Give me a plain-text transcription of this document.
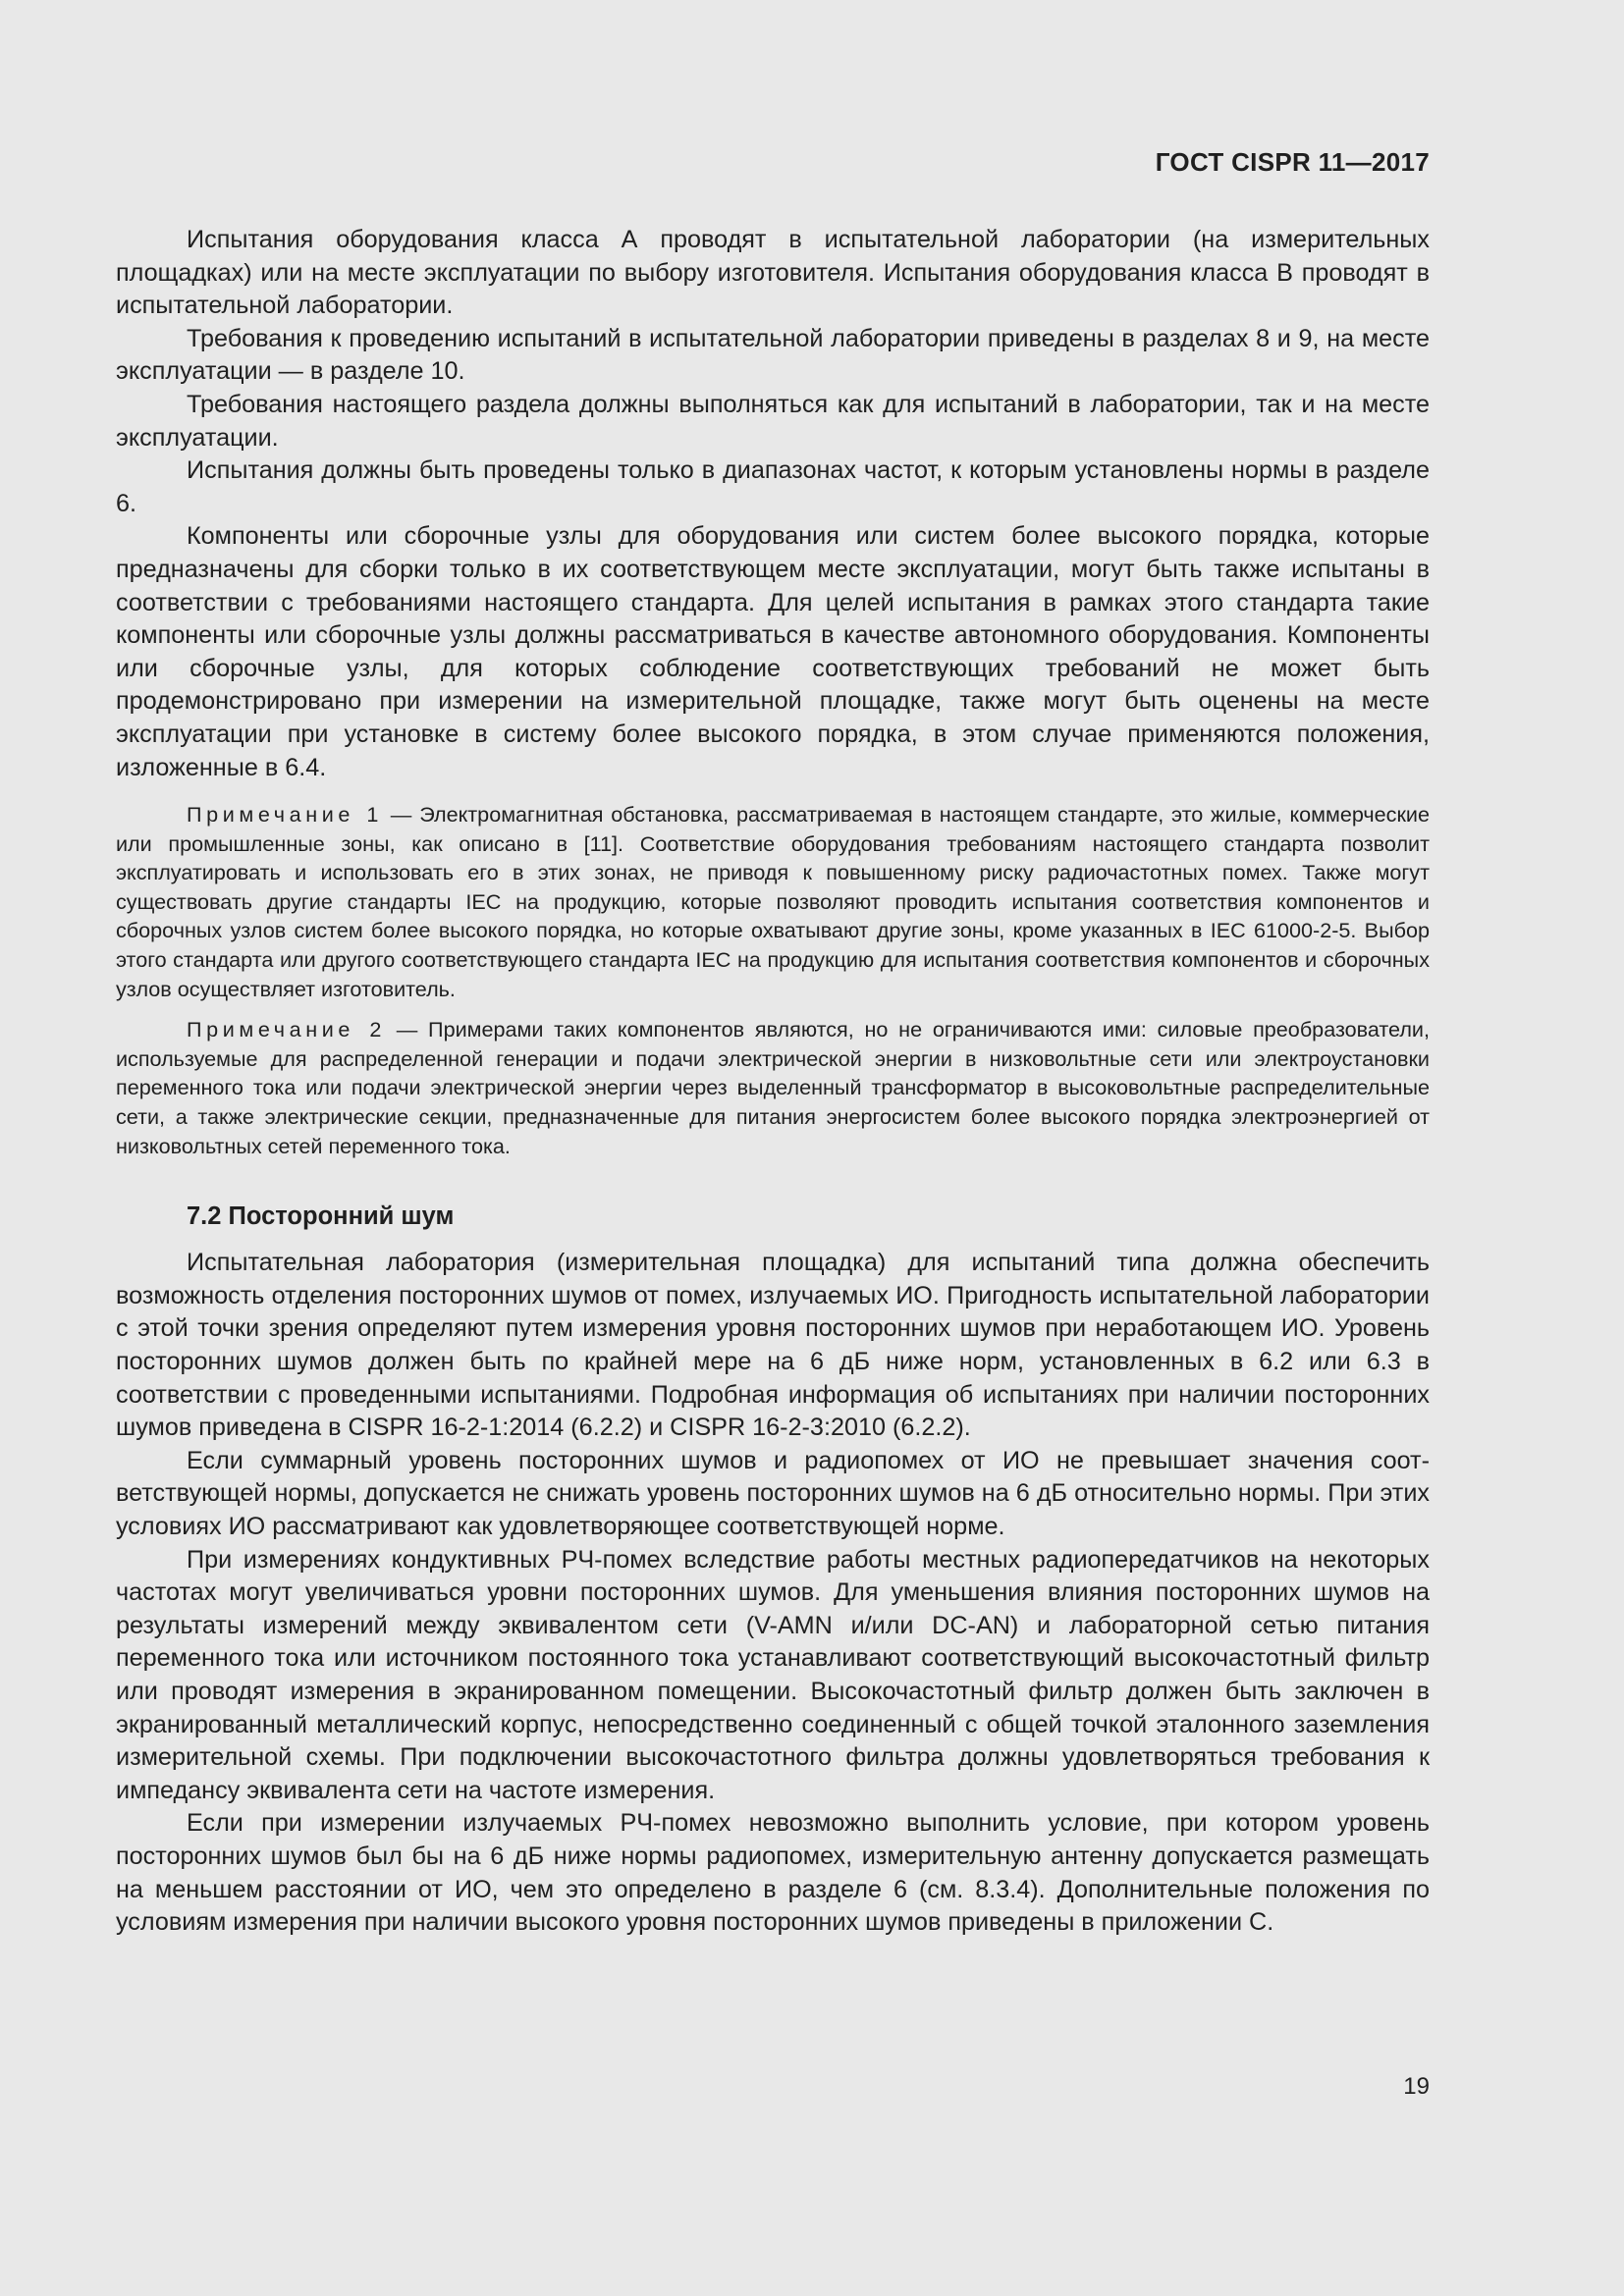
ГОСТ CISPR 11—2017

Испытания оборудования класса А проводят в испытательной лаборатории (на измерительных площадках) или на месте эксплуатации по выбору изготовителя. Испытания оборудования класса В проводят в испытательной лаборатории.

Требования к проведению испытаний в испытательной лаборатории приведены в разделах 8 и 9, на месте эксплуатации — в разделе 10.

Требования настоящего раздела должны выполняться как для испытаний в лаборатории, так и на месте эксплуатации.

Испытания должны быть проведены только в диапазонах частот, к которым установлены нормы в разделе 6.

Компоненты или сборочные узлы для оборудования или систем более высокого порядка, которые предназначены для сборки только в их соответствующем месте эксплуатации, могут быть также испытаны в соответствии с требованиями настоящего стандарта. Для целей испытания в рамках этого стандарта такие компоненты или сборочные узлы должны рассматриваться в качестве автономного оборудования. Компоненты или сборочные узлы, для которых соблюдение соответствующих требований не может быть продемонстрировано при измерении на измерительной площадке, также могут быть оценены на месте эксплуатации при установке в систему более высокого порядка, в этом случае применяются положения, изложенные в 6.4.

Примечание 1 — Электромагнитная обстановка, рассматриваемая в настоящем стандарте, это жилые, коммерческие или промышленные зоны, как описано в [11]. Соответствие оборудования требованиям настоящего стандарта позволит эксплуатировать и использовать его в этих зонах, не приводя к повышенному риску радиочастотных помех. Также могут существовать другие стандарты IEC на продукцию, которые позволяют проводить испытания соответствия компонентов и сборочных узлов систем более высокого порядка, но которые охватывают другие зоны, кроме указанных в IEC 61000-2-5. Выбор этого стандарта или другого соответствующего стандарта IEC на продукцию для испытания соответствия компонентов и сборочных узлов осуществляет изготовитель.

Примечание 2 — Примерами таких компонентов являются, но не ограничиваются ими: силовые преобразователи, используемые для распределенной генерации и подачи электрической энергии в низковольтные сети или электроустановки переменного тока или подачи электрической энергии через выделенный трансформатор в высоковольтные распределительные сети, а также электрические секции, предназначенные для питания энергосистем более высокого порядка электроэнергией от низковольтных сетей переменного тока.

7.2 Посторонний шум

Испытательная лаборатория (измерительная площадка) для испытаний типа должна обеспечить возможность отделения посторонних шумов от помех, излучаемых ИО. Пригодность испытательной лаборатории с этой точки зрения определяют путем измерения уровня посторонних шумов при неработающем ИО. Уровень посторонних шумов должен быть по крайней мере на 6 дБ ниже норм, установленных в 6.2 или 6.3 в соответствии с проведенными испытаниями. Подробная информация об испытаниях при наличии посторонних шумов приведена в CISPR 16-2-1:2014 (6.2.2) и CISPR 16-2-3:2010 (6.2.2).

Если суммарный уровень посторонних шумов и радиопомех от ИО не превышает значения соответствующей нормы, допускается не снижать уровень посторонних шумов на 6 дБ относительно нормы. При этих условиях ИО рассматривают как удовлетворяющее соответствующей норме.

При измерениях кондуктивных РЧ-помех вследствие работы местных радиопередатчиков на некоторых частотах могут увеличиваться уровни посторонних шумов. Для уменьшения влияния посторонних шумов на результаты измерений между эквивалентом сети (V-AMN и/или DC-AN) и лабораторной сетью питания переменного тока или источником постоянного тока устанавливают соответствующий высокочастотный фильтр или проводят измерения в экранированном помещении. Высокочастотный фильтр должен быть заключен в экранированный металлический корпус, непосредственно соединенный с общей точкой эталонного заземления измерительной схемы. При подключении высокочастотного фильтра должны удовлетворяться требования к импедансу эквивалента сети на частоте измерения.

Если при измерении излучаемых РЧ-помех невозможно выполнить условие, при котором уровень посторонних шумов был бы на 6 дБ ниже нормы радиопомех, измерительную антенну допускается размещать на меньшем расстоянии от ИО, чем это определено в разделе 6 (см. 8.3.4). Дополнительные положения по условиям измерения при наличии высокого уровня посторонних шумов приведены в приложении С.

19
